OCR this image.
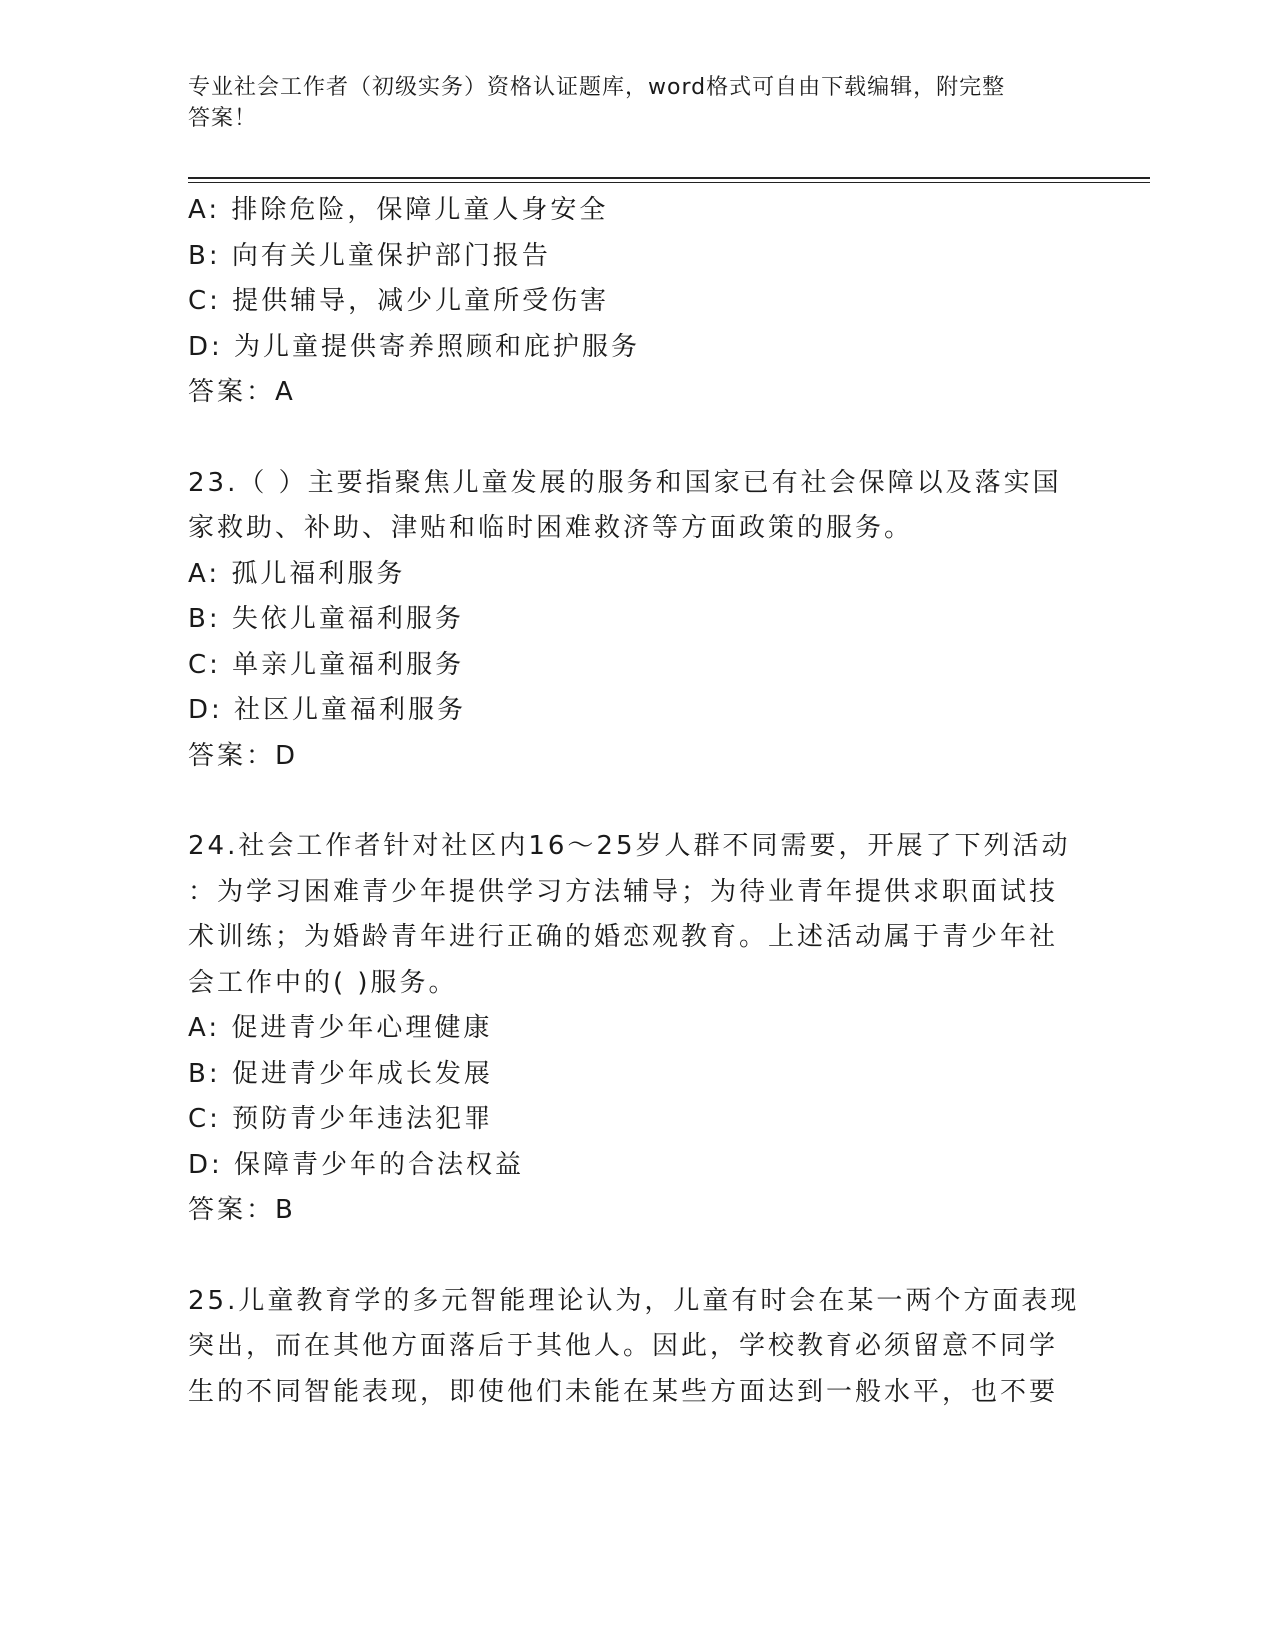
专业社会工作者（初级实务）资格认证题库，word格式可自由下载编辑，附完整
答案！
A: 排除危险，保障儿童人身安全
B: 向有关儿童保护部门报告
C: 提供辅导，减少儿童所受伤害
D: 为儿童提供寄养照顾和庇护服务
答案：A
23.（ ）主要指聚焦儿童发展的服务和国家已有社会保障以及落实国
家救助、补助、津贴和临时困难救济等方面政策的服务。
A: 孤儿福利服务
B: 失依儿童福利服务
C: 单亲儿童福利服务
D: 社区儿童福利服务
答案：D
24.社会工作者针对社区内16～25岁人群不同需要，开展了下列活动
：为学习困难青少年提供学习方法辅导；为待业青年提供求职面试技
术训练；为婚龄青年进行正确的婚恋观教育。上述活动属于青少年社
会工作中的( )服务。
A: 促进青少年心理健康
B: 促进青少年成长发展
C: 预防青少年违法犯罪
D: 保障青少年的合法权益
答案：B
25.儿童教育学的多元智能理论认为，儿童有时会在某一两个方面表现
突出，而在其他方面落后于其他人。因此，学校教育必须留意不同学
生的不同智能表现，即使他们未能在某些方面达到一般水平，也不要
